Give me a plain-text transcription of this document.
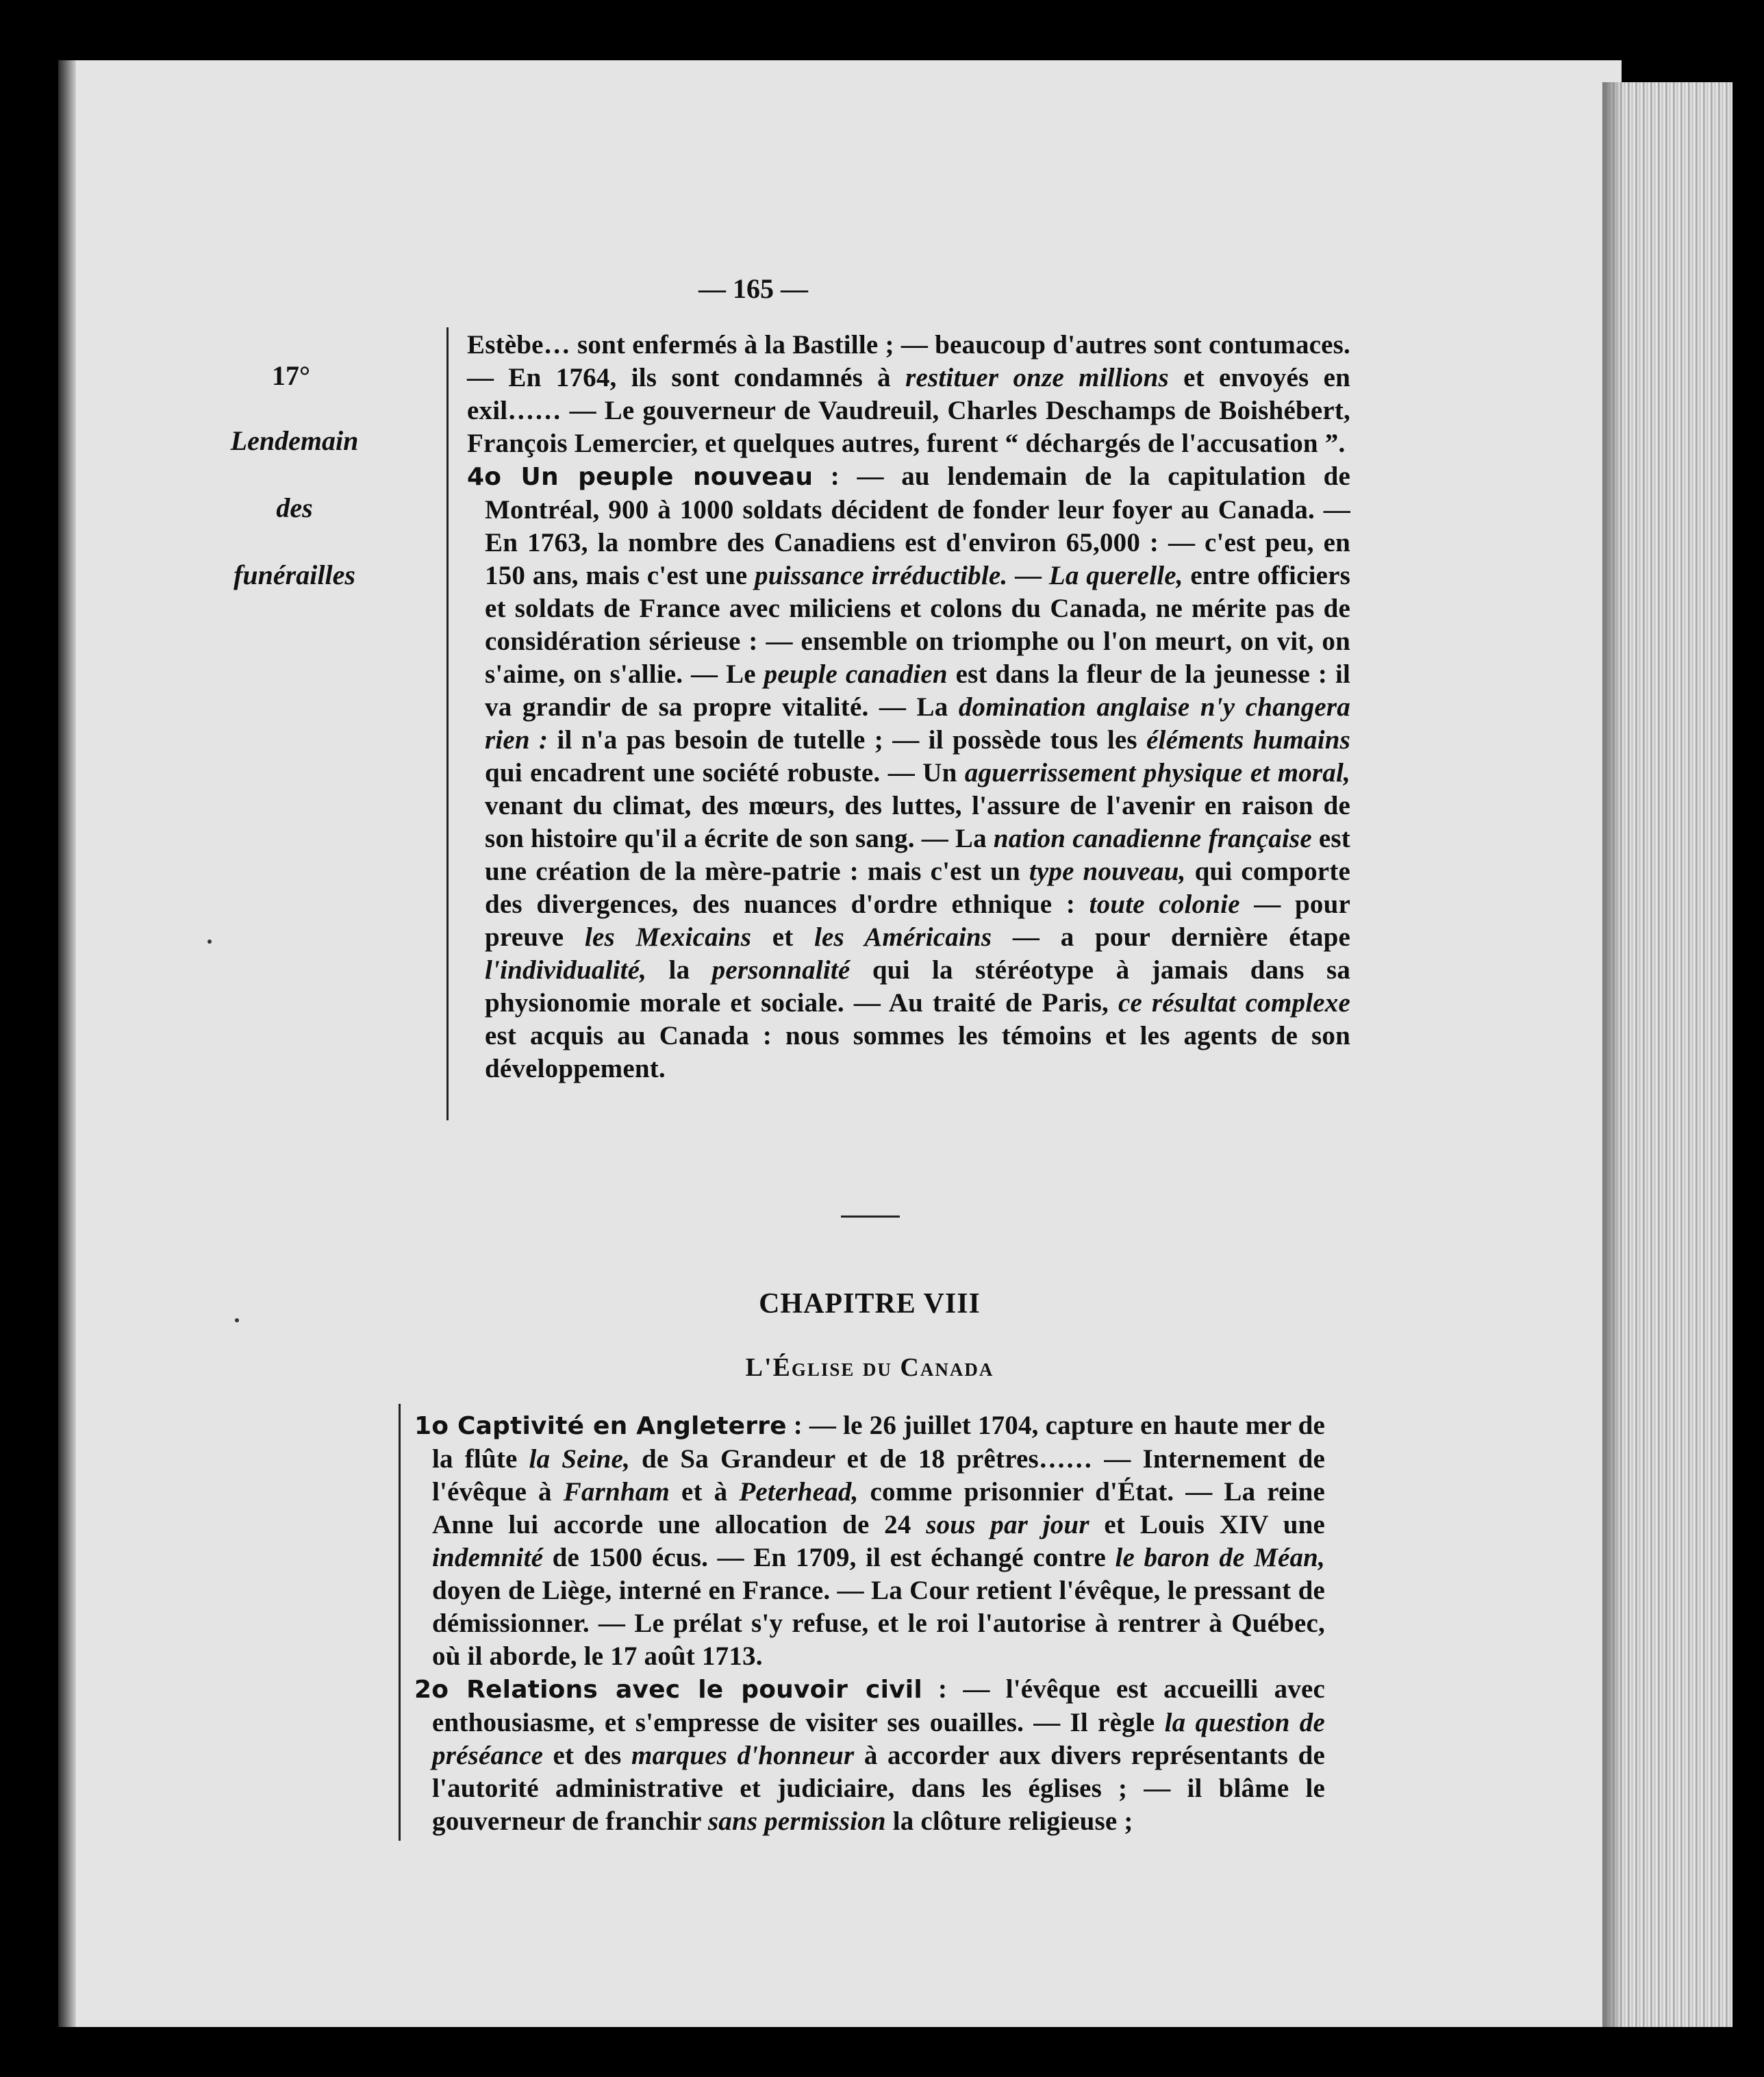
— 165 —
17°
Lendemain
des
funérailles

Estèbe… sont enfermés à la Bastille ; — beaucoup d'autres sont contumaces. — En 1764, ils sont condamnés à restituer onze millions et envoyés en exil…… — Le gouverneur de Vaudreuil, Charles Deschamps de Boishébert, François Lemercier, et quelques autres, furent “ déchargés de l'accusation ”.

4o Un peuple nouveau : — au lendemain de la capitulation de Montréal, 900 à 1000 soldats décident de fonder leur foyer au Canada. — En 1763, la nombre des Canadiens est d'environ 65,000 : — c'est peu, en 150 ans, mais c'est une puissance irréductible. — La querelle, entre officiers et soldats de France avec miliciens et colons du Canada, ne mérite pas de considération sérieuse : — ensemble on triomphe ou l'on meurt, on vit, on s'aime, on s'allie. — Le peuple canadien est dans la fleur de la jeunesse : il va grandir de sa propre vitalité. — La domination anglaise n'y changera rien : il n'a pas besoin de tutelle ; — il possède tous les éléments humains qui encadrent une société robuste. — Un aguerrissement physique et moral, venant du climat, des mœurs, des luttes, l'assure de l'avenir en raison de son histoire qu'il a écrite de son sang. — La nation canadienne française est une création de la mère-patrie : mais c'est un type nouveau, qui comporte des divergences, des nuances d'ordre ethnique : toute colonie — pour preuve les Mexicains et les Américains — a pour dernière étape l'individualité, la personnalité qui la stéréotype à jamais dans sa physionomie morale et sociale. — Au traité de Paris, ce résultat complexe est acquis au Canada : nous sommes les témoins et les agents de son développement.

CHAPITRE VIII
L'Église du Canada

1o Captivité en Angleterre : — le 26 juillet 1704, capture en haute mer de la flûte la Seine, de Sa Grandeur et de 18 prêtres…… — Internement de l'évêque à Farnham et à Peterhead, comme prisonnier d'État. — La reine Anne lui accorde une allocation de 24 sous par jour et Louis XIV une indemnité de 1500 écus. — En 1709, il est échangé contre le baron de Méan, doyen de Liège, interné en France. — La Cour retient l'évêque, le pressant de démissionner. — Le prélat s'y refuse, et le roi l'autorise à rentrer à Québec, où il aborde, le 17 août 1713.

2o Relations avec le pouvoir civil : — l'évêque est accueilli avec enthousiasme, et s'empresse de visiter ses ouailles. — Il règle la question de préséance et des marques d'honneur à accorder aux divers représentants de l'autorité administrative et judiciaire, dans les églises ; — il blâme le gouverneur de franchir sans permission la clôture religieuse ;
